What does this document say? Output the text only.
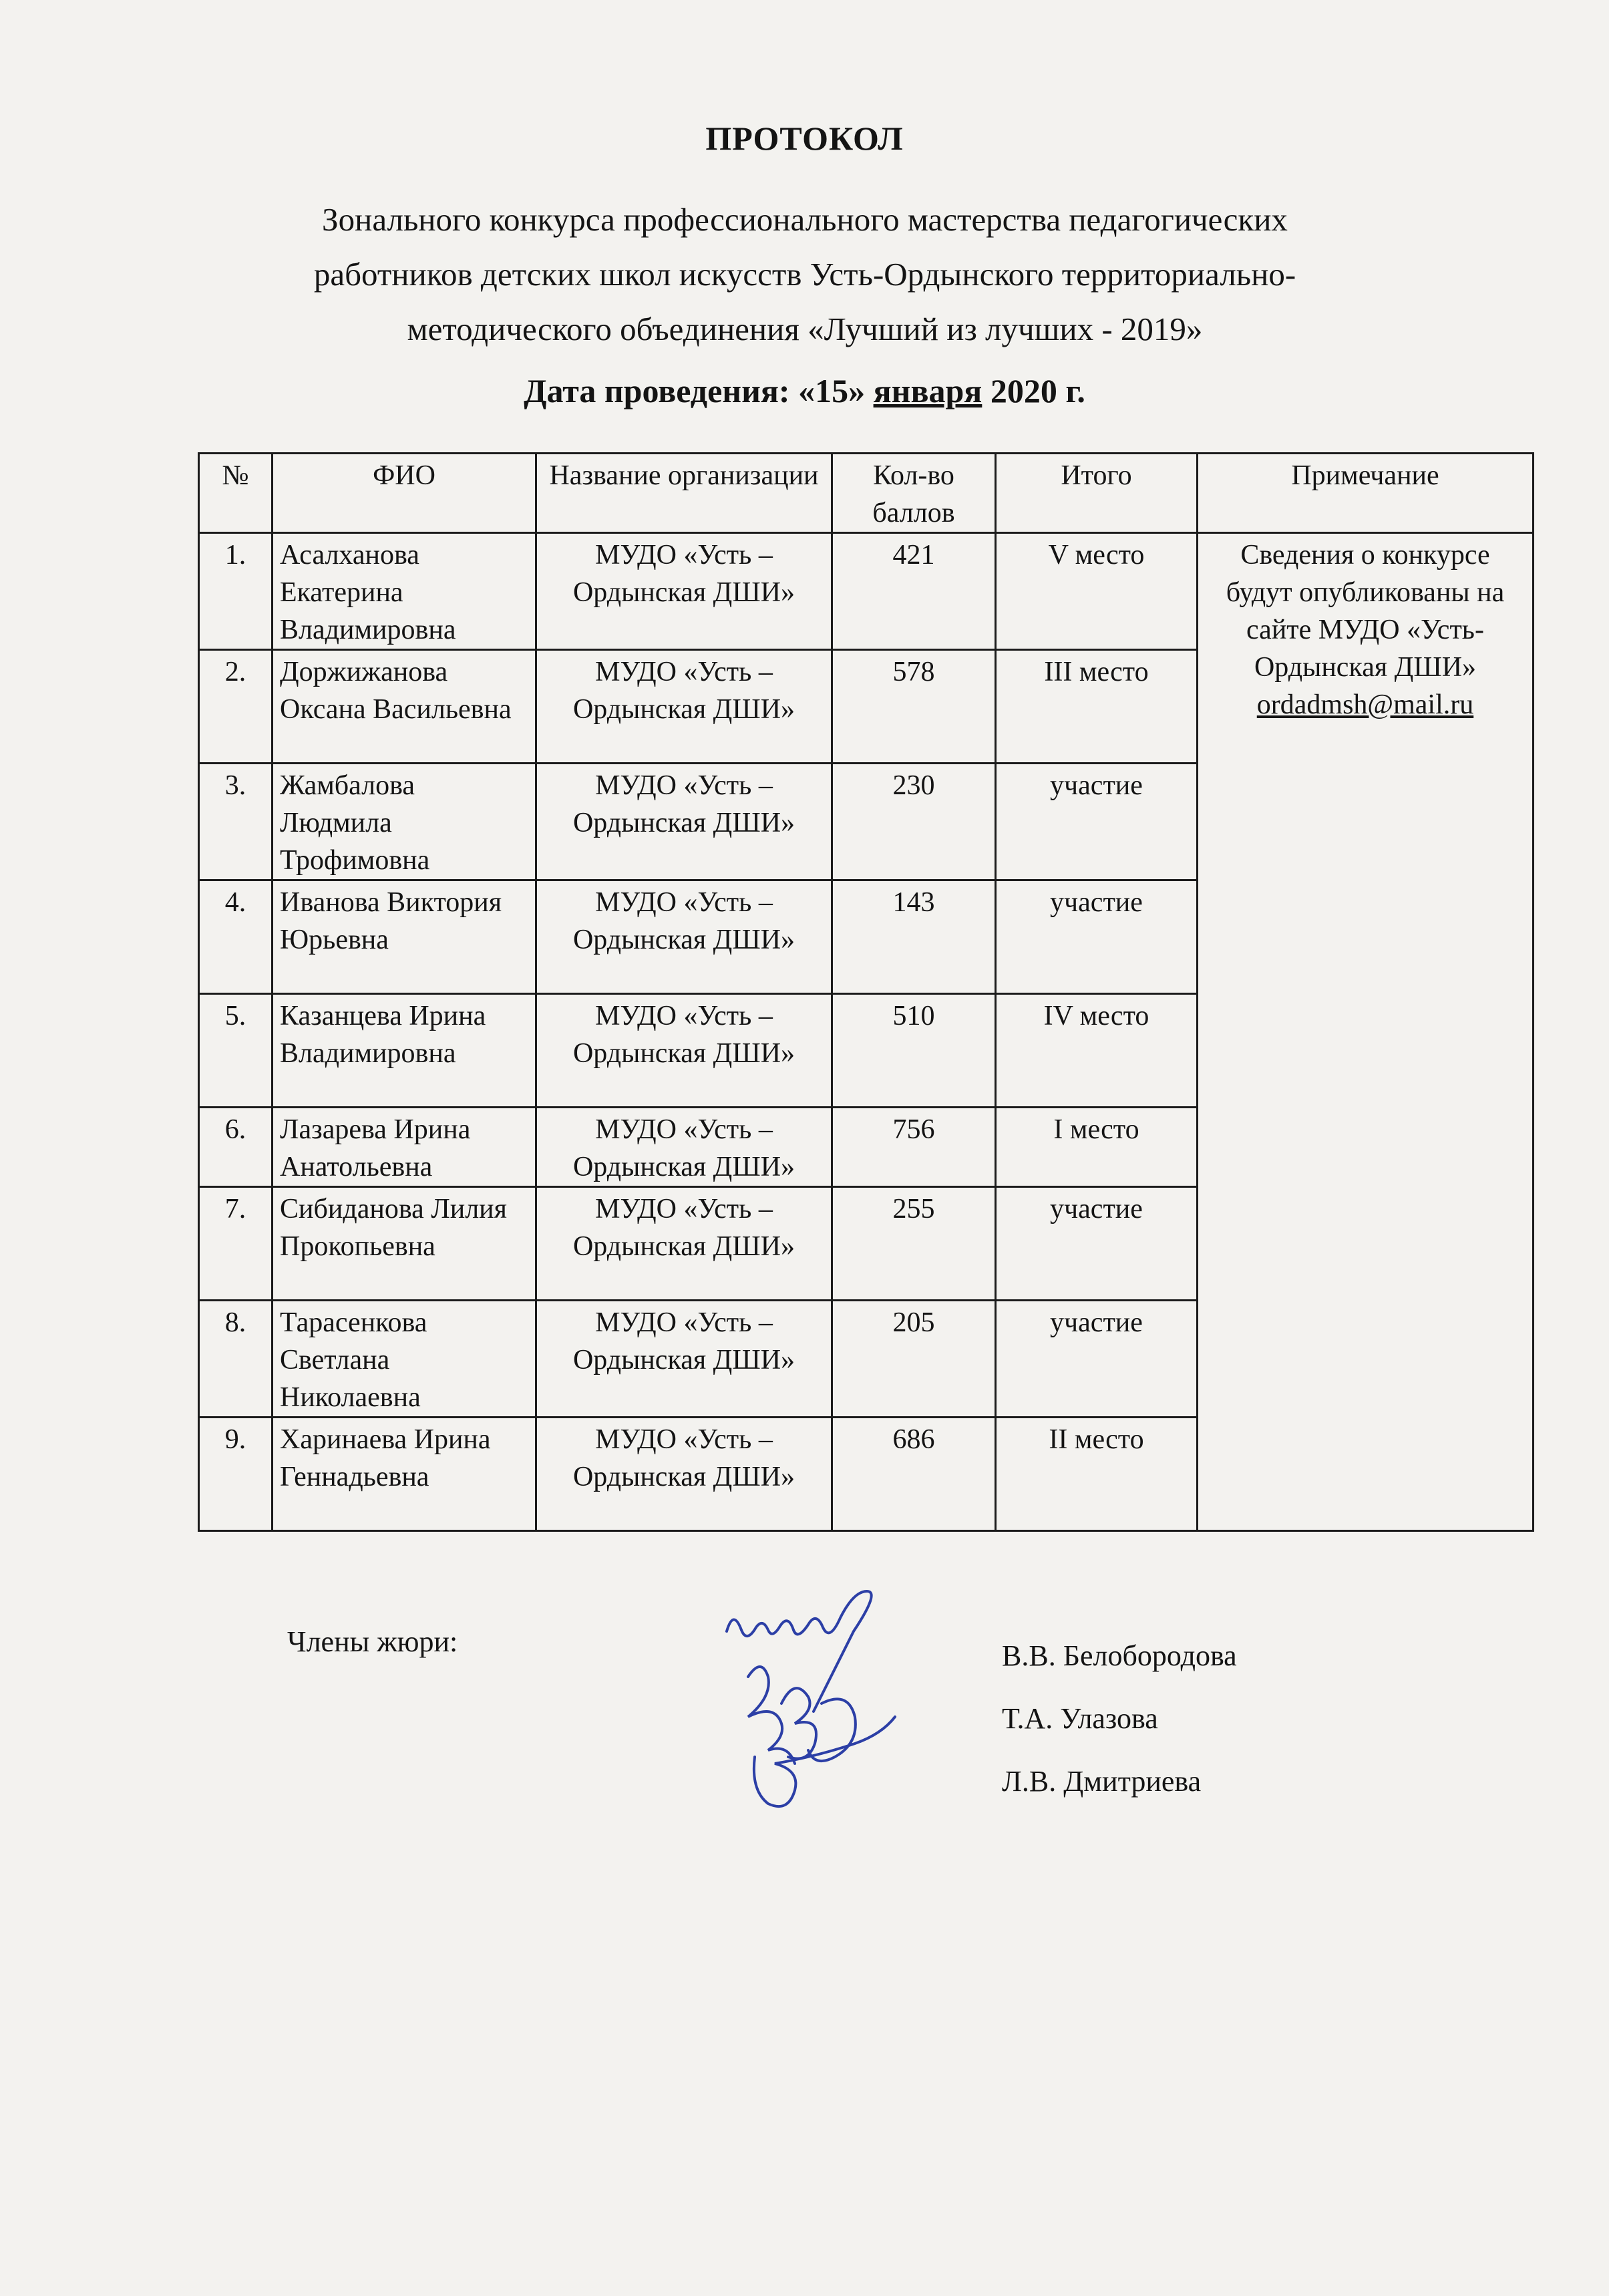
ПРОТОКОЛ
Зонального конкурса профессионального мастерства педагогических работников детских школ искусств Усть-Ордынского территориально-методического объединения «Лучший из лучших - 2019»
Дата проведения: «15» января 2020 г.
№	ФИО	Название организации	Кол-во баллов	Итого	Примечание
1.	Асалханова Екатерина Владимировна	МУДО «Усть – Ордынская ДШИ»	421	V место	Сведения о конкурсе будут опубликованы на сайте МУДО «Усть-Ордынская ДШИ»
ordadmsh@mail.ru

2.	Доржижанова Оксана Васильевна	МУДО «Усть – Ордынская ДШИ»	578	III место	
3.	Жамбалова Людмила Трофимовна	МУДО «Усть – Ордынская ДШИ»	230	участие	
4.	Иванова Виктория Юрьевна	МУДО «Усть – Ордынская ДШИ»	143	участие	
5.	Казанцева Ирина Владимировна	МУДО «Усть – Ордынская ДШИ»	510	IV место	
6.	Лазарева Ирина Анатольевна	МУДО «Усть – Ордынская ДШИ»	756	I место	
7.	Сибиданова Лилия Прокопьевна	МУДО «Усть – Ордынская ДШИ»	255	участие	
8.	Тарасенкова Светлана Николаевна	МУДО «Усть – Ордынская ДШИ»	205	участие	
9.	Харинаева Ирина Геннадьевна	МУДО «Усть – Ордынская ДШИ»	686	II место	
Члены жюри:	В.В. Белобородова
Т.А. Улазова
Л.В. Дмитриева
